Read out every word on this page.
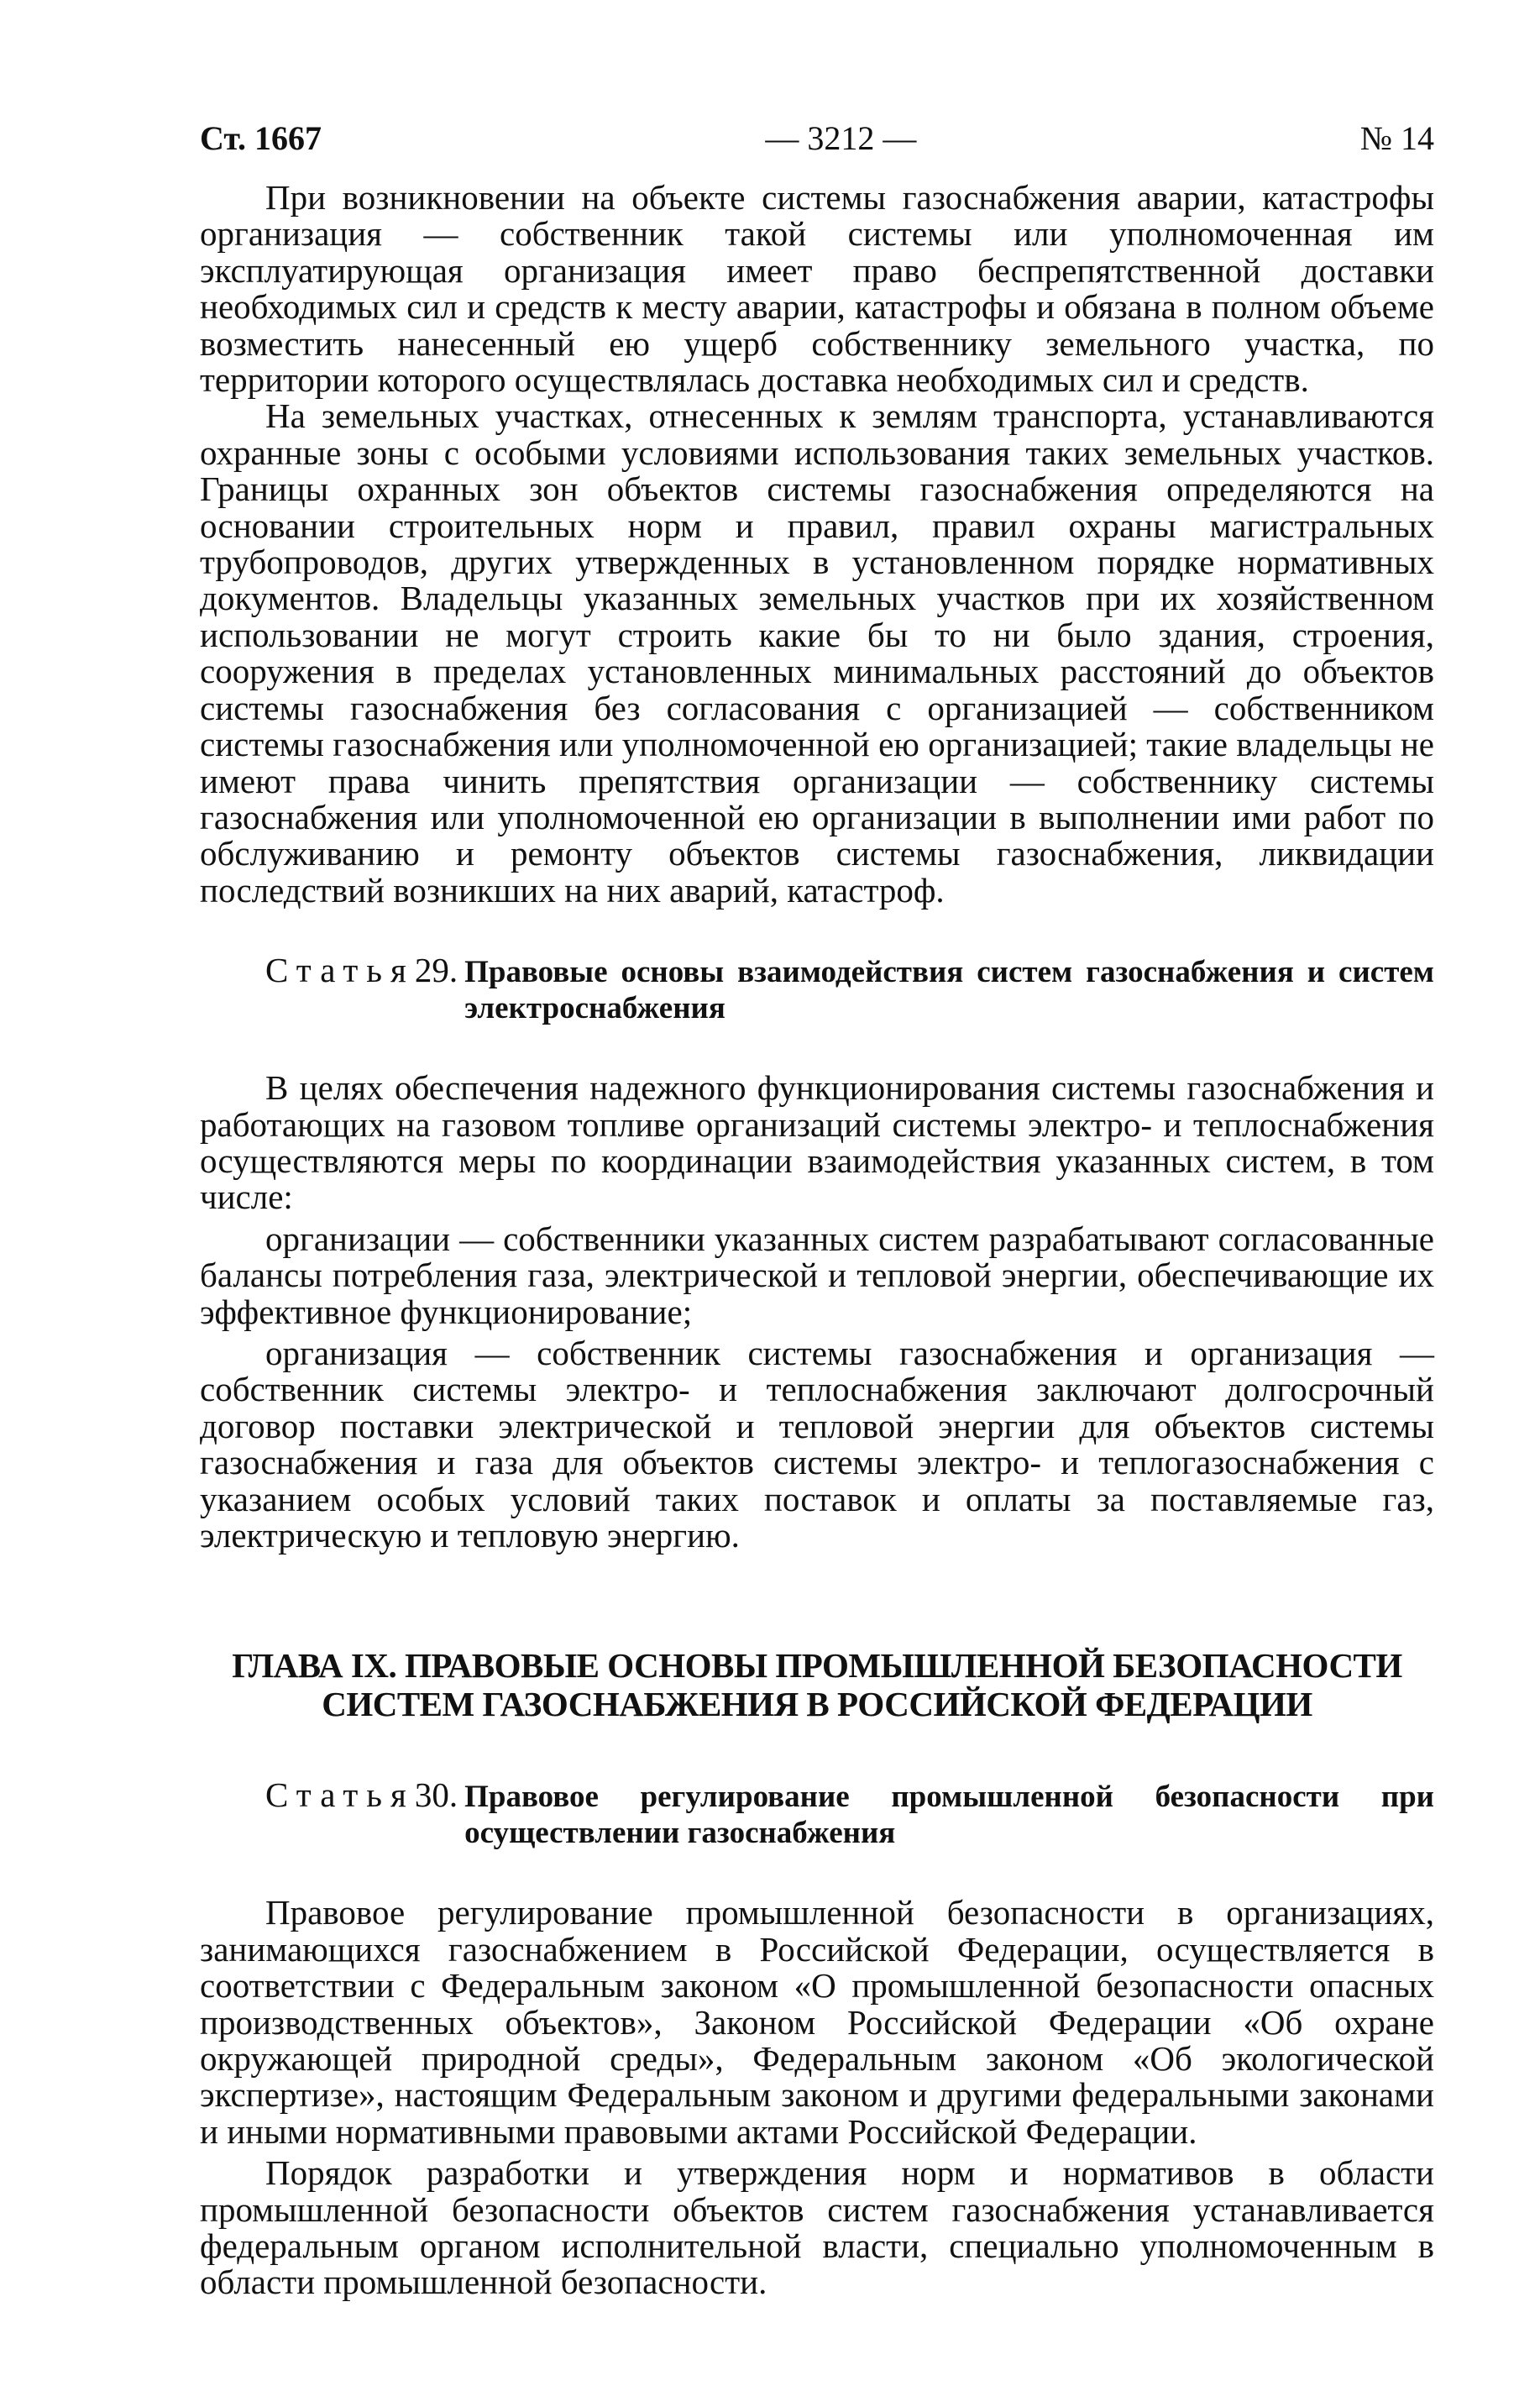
Ст. 1667	— 3212 —	№ 14

При возникновении на объекте системы газоснабжения аварии, катастрофы организация — собственник такой системы или уполномоченная им эксплуатирующая организация имеет право беспрепятственной доставки необходимых сил и средств к месту аварии, катастрофы и обязана в полном объеме возместить нанесенный ею ущерб собственнику земельного участка, по территории которого осуществлялась доставка необходимых сил и средств.

На земельных участках, отнесенных к землям транспорта, устанавливаются охранные зоны с особыми условиями использования таких земельных участков. Границы охранных зон объектов системы газоснабжения определяются на основании строительных норм и правил, правил охраны магистральных трубопроводов, других утвержденных в установленном порядке нормативных документов. Владельцы указанных земельных участков при их хозяйственном использовании не могут строить какие бы то ни было здания, строения, сооружения в пределах установленных минимальных расстояний до объектов системы газоснабжения без согласования с организацией — собственником системы газоснабжения или уполномоченной ею организацией; такие владельцы не имеют права чинить препятствия организации — собственнику системы газоснабжения или уполномоченной ею организации в выполнении ими работ по обслуживанию и ремонту объектов системы газоснабжения, ликвидации последствий возникших на них аварий, катастроф.

Статья 29. Правовые основы взаимодействия систем газоснабжения и систем электроснабжения

В целях обеспечения надежного функционирования системы газоснабжения и работающих на газовом топливе организаций системы электро- и теплоснабжения осуществляются меры по координации взаимодействия указанных систем, в том числе:

организации — собственники указанных систем разрабатывают согласованные балансы потребления газа, электрической и тепловой энергии, обеспечивающие их эффективное функционирование;

организация — собственник системы газоснабжения и организация — собственник системы электро- и теплоснабжения заключают долгосрочный договор поставки электрической и тепловой энергии для объектов системы газоснабжения и газа для объектов системы электро- и теплогазоснабжения с указанием особых условий таких поставок и оплаты за поставляемые газ, электрическую и тепловую энергию.

ГЛАВА IX. ПРАВОВЫЕ ОСНОВЫ ПРОМЫШЛЕННОЙ БЕЗОПАСНОСТИ
СИСТЕМ ГАЗОСНАБЖЕНИЯ В РОССИЙСКОЙ ФЕДЕРАЦИИ
Статья 30. Правовое регулирование промышленной безопасности при осуществлении газоснабжения

Правовое регулирование промышленной безопасности в организациях, занимающихся газоснабжением в Российской Федерации, осуществляется в соответствии с Федеральным законом «О промышленной безопасности опасных производственных объектов», Законом Российской Федерации «Об охране окружающей природной среды», Федеральным законом «Об экологической экспертизе», настоящим Федеральным законом и другими федеральными законами и иными нормативными правовыми актами Российской Федерации.

Порядок разработки и утверждения норм и нормативов в области промышленной безопасности объектов систем газоснабжения устанавливается федеральным органом исполнительной власти, специально уполномоченным в области промышленной безопасности.
